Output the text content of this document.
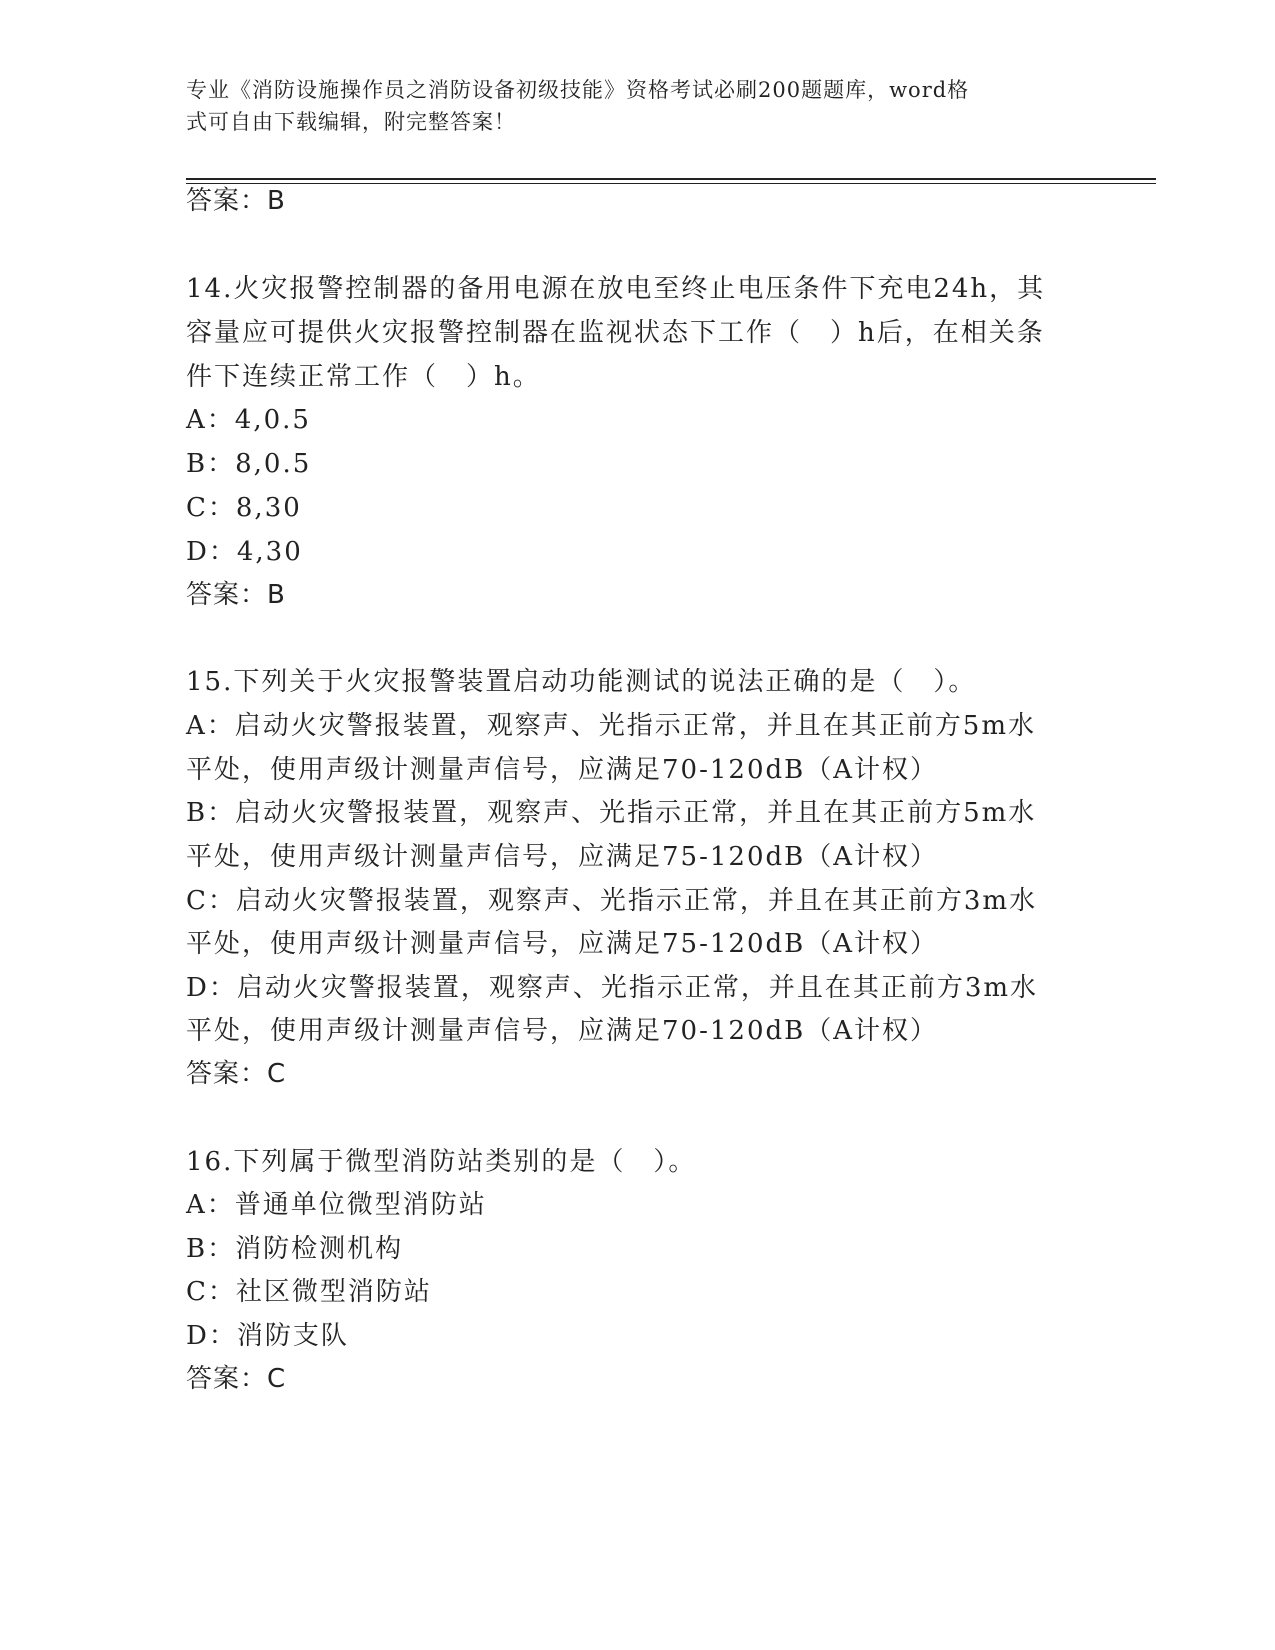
专业《消防设施操作员之消防设备初级技能》资格考试必刷200题题库，word格
式可自由下载编辑，附完整答案！
答案：B
14.火灾报警控制器的备用电源在放电至终止电压条件下充电24h，其
容量应可提供火灾报警控制器在监视状态下工作（　）h后，在相关条
件下连续正常工作（　）h。
A：4,0.5
B：8,0.5
C：8,30
D：4,30
答案：B
15.下列关于火灾报警装置启动功能测试的说法正确的是（　）。
A：启动火灾警报装置，观察声、光指示正常，并且在其正前方5m水
平处，使用声级计测量声信号，应满足70-120dB（A计权）
B：启动火灾警报装置，观察声、光指示正常，并且在其正前方5m水
平处，使用声级计测量声信号，应满足75-120dB（A计权）
C：启动火灾警报装置，观察声、光指示正常，并且在其正前方3m水
平处，使用声级计测量声信号，应满足75-120dB（A计权）
D：启动火灾警报装置，观察声、光指示正常，并且在其正前方3m水
平处，使用声级计测量声信号，应满足70-120dB（A计权）
答案：C
16.下列属于微型消防站类别的是（　）。
A：普通单位微型消防站
B：消防检测机构
C：社区微型消防站
D：消防支队
答案：C
